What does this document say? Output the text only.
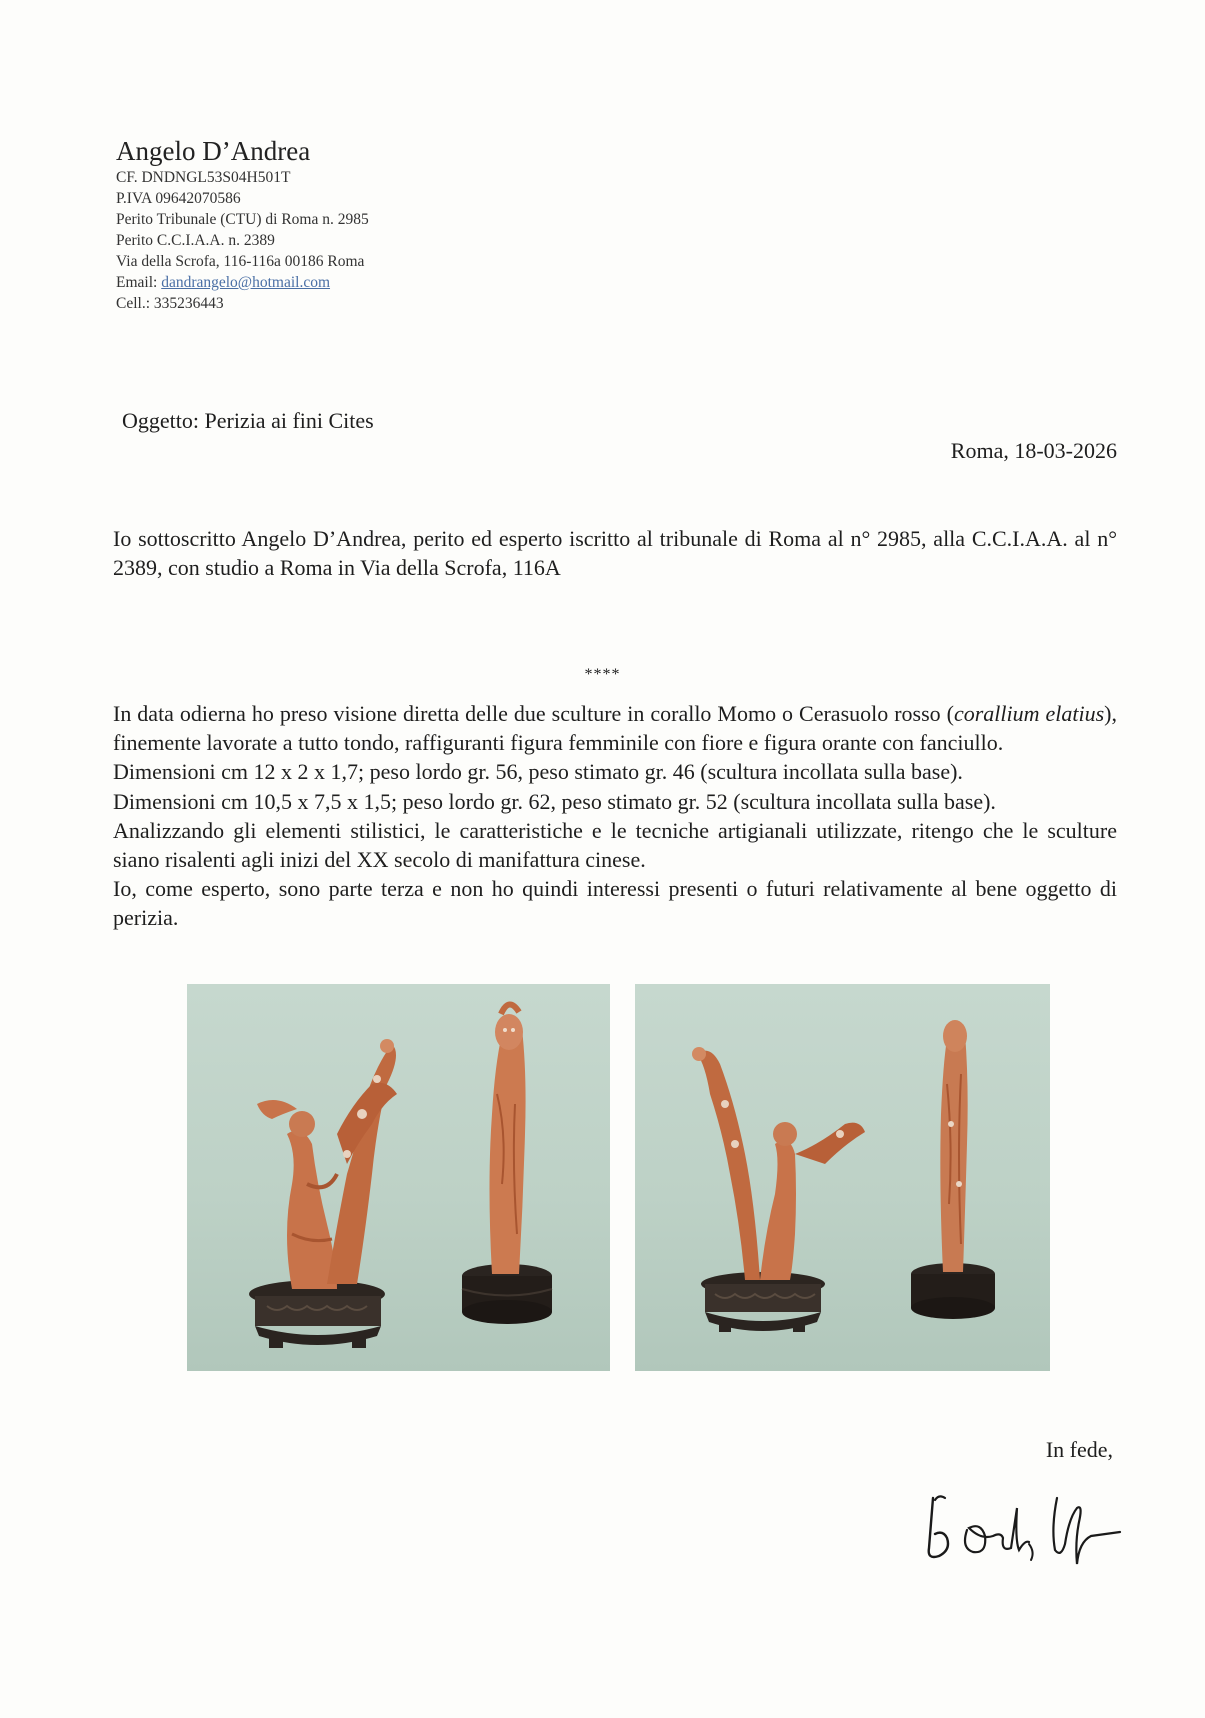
Angelo D’Andrea
CF. DNDNGL53S04H501T
P.IVA 09642070586
Perito Tribunale (CTU) di Roma n. 2985
Perito C.C.I.A.A. n. 2389
Via della Scrofa, 116-116a 00186 Roma
Email: dandrangelo@hotmail.com
Cell.: 335236443
Oggetto: Perizia ai fini Cites
Roma, 18-03-2026
Io sottoscritto Angelo D’Andrea, perito ed esperto iscritto al tribunale di Roma al n° 2985, alla C.C.I.A.A. al n° 2389, con studio a Roma in Via della Scrofa, 116A
****

In data odierna ho preso visione diretta delle due sculture in corallo Momo o Cerasuolo rosso (corallium elatius), finemente lavorate a tutto tondo, raffiguranti figura femminile con fiore e figura orante con fanciullo.

Dimensioni cm 12 x 2 x 1,7; peso lordo gr. 56, peso stimato gr. 46 (scultura incollata sulla base).

Dimensioni cm 10,5 x 7,5 x 1,5; peso lordo gr. 62, peso stimato gr. 52 (scultura incollata sulla base).

Analizzando gli elementi stilistici, le caratteristiche e le tecniche artigianali utilizzate, ritengo che le sculture siano risalenti agli inizi del XX secolo di manifattura cinese.

Io, come esperto, sono parte terza e non ho quindi interessi presenti o futuri relativamente al bene oggetto di perizia.

In fede,
